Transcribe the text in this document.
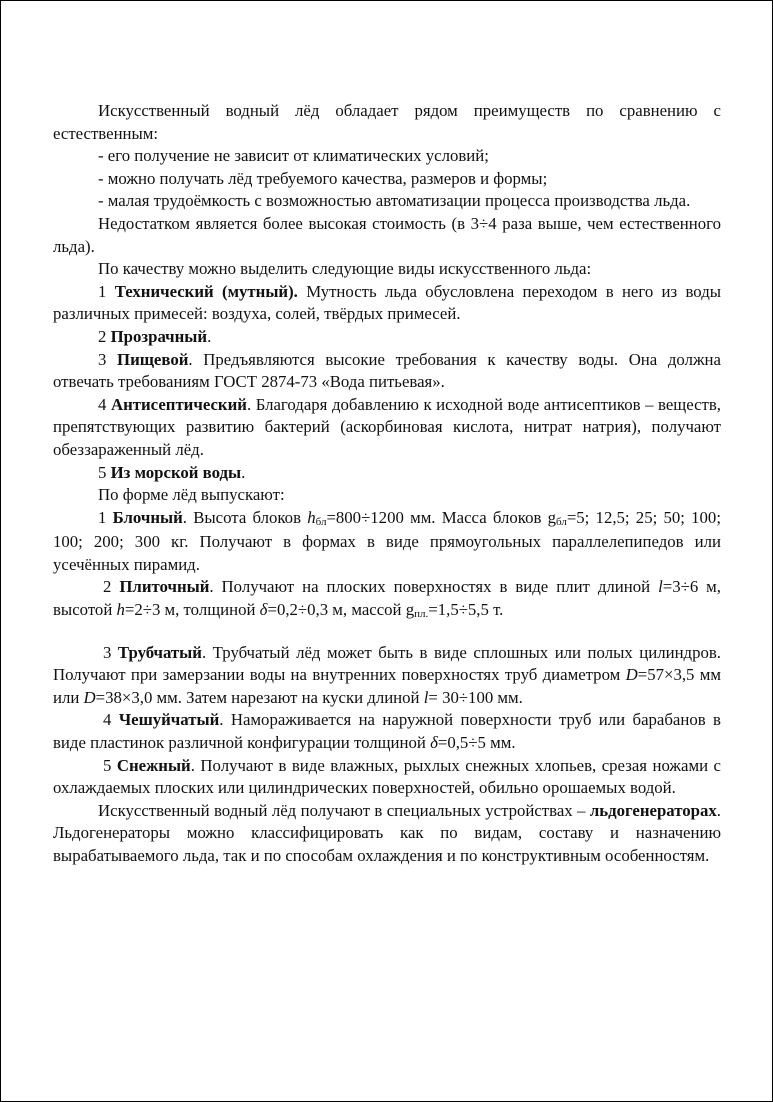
Искусственный водный лёд обладает рядом преимуществ по сравнению с естественным:

- его получение не зависит от климатических условий;

- можно получать лёд требуемого качества, размеров и формы;

- малая трудоёмкость с возможностью автоматизации процесса производства льда.

Недостатком является более высокая стоимость (в 3÷4 раза выше, чем естественного льда).

По качеству можно выделить следующие виды искусственного льда:

1 Технический (мутный). Мутность льда обусловлена переходом в него из воды различных примесей: воздуха, солей, твёрдых примесей.

2 Прозрачный.

3 Пищевой. Предъявляются высокие требования к качеству воды. Она должна отвечать требованиям ГОСТ 2874-73 «Вода питьевая».

4 Антисептический. Благодаря добавлению к исходной воде антисептиков – веществ, препятствующих развитию бактерий (аскорбиновая кислота, нитрат натрия), получают обеззараженный лёд.

5 Из морской воды.

По форме лёд выпускают:

1 Блочный. Высота блоков hбл=800÷1200 мм. Масса блоков gбл=5; 12,5; 25; 50; 100; 100; 200; 300 кг. Получают в формах в виде прямоугольных параллелепипедов или усечённых пирамид.

2 Плиточный. Получают на плоских поверхностях в виде плит длиной l=3÷6 м, высотой h=2÷3 м, толщиной δ=0,2÷0,3 м, массой gпл.=1,5÷5,5 т.

3 Трубчатый. Трубчатый лёд может быть в виде сплошных или полых цилиндров. Получают при замерзании воды на внутренних поверхностях труб диаметром D=57×3,5 мм или D=38×3,0 мм. Затем нарезают на куски длиной l= 30÷100 мм.

4 Чешуйчатый. Намораживается на наружной поверхности труб или барабанов в виде пластинок различной конфигурации толщиной δ=0,5÷5 мм.

5 Снежный. Получают в виде влажных, рыхлых снежных хлопьев, срезая ножами с охлаждаемых плоских или цилиндрических поверхностей, обильно орошаемых водой.

Искусственный водный лёд получают в специальных устройствах – льдогенераторах. Льдогенераторы можно классифицировать как по видам, составу и назначению вырабатываемого льда, так и по способам охлаждения и по конструктивным особенностям.
